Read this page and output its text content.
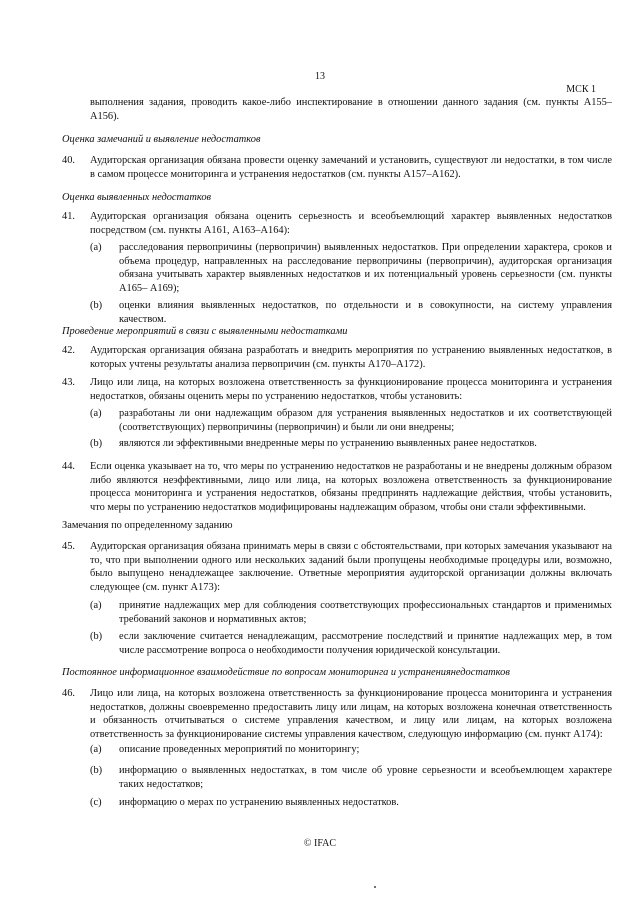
13
МСК 1
выполнения задания, проводить какое-либо инспектирование в отношении данного задания (см. пункты А155–А156).
Оценка замечаний и выявление недостатков
40. Аудиторская организация обязана провести оценку замечаний и установить, существуют ли недостатки, в том числе в самом процессе мониторинга и устранения недостатков (см. пункты А157–А162).
Оценка выявленных недостатков
41. Аудиторская организация обязана оценить серьезность и всеобъемлющий характер выявленных недостатков посредством (см. пункты А161, А163–А164):
(a) расследования первопричины (первопричин) выявленных недостатков. При определении характера, сроков и объема процедур, направленных на расследование первопричины (первопричин), аудиторская организация обязана учитывать характер выявленных недостатков и их потенциальный уровень серьезности (см. пункты А165– А169);
(b) оценки влияния выявленных недостатков, по отдельности и в совокупности, на систему управления качеством.
Проведение мероприятий в связи с выявленными недостатками
42. Аудиторская организация обязана разработать и внедрить мероприятия по устранению выявленных недостатков, в которых учтены результаты анализа первопричин (см. пункты А170–А172).
43. Лицо или лица, на которых возложена ответственность за функционирование процесса мониторинга и устранения недостатков, обязаны оценить меры по устранению недостатков, чтобы установить:
(a) разработаны ли они надлежащим образом для устранения выявленных недостатков и их соответствующей (соответствующих) первопричины (первопричин) и были ли они внедрены;
(b) являются ли эффективными внедренные меры по устранению выявленных ранее недостатков.
44. Если оценка указывает на то, что меры по устранению недостатков не разработаны и не внедрены должным образом либо являются неэффективными, лицо или лица, на которых возложена ответственность за функционирование процесса мониторинга и устранения недостатков, обязаны предпринять надлежащие действия, чтобы установить, что меры по устранению недостатков модифицированы надлежащим образом, чтобы они стали эффективными.
Замечания по определенному заданию
45. Аудиторская организация обязана принимать меры в связи с обстоятельствами, при которых замечания указывают на то, что при выполнении одного или нескольких заданий были пропущены необходимые процедуры или, возможно, было выпущено ненадлежащее заключение. Ответные мероприятия аудиторской организации должны включать следующее (см. пункт А173):
(a) принятие надлежащих мер для соблюдения соответствующих профессиональных стандартов и применимых требований законов и нормативных актов;
(b) если заключение считается ненадлежащим, рассмотрение последствий и принятие надлежащих мер, в том числе рассмотрение вопроса о необходимости получения юридической консультации.
Постоянное информационное взаимодействие по вопросам мониторинга и устранениянедостатков
46. Лицо или лица, на которых возложена ответственность за функционирование процесса мониторинга и устранения недостатков, должны своевременно предоставить лицу или лицам, на которых возложена конечная ответственность и обязанность отчитываться о системе управления качеством, и лицу или лицам, на которых возложена ответственность за функционирование системы управления качеством, следующую информацию (см. пункт А174):
(a) описание проведенных мероприятий по мониторингу;
(b) информацию о выявленных недостатках, в том числе об уровне серьезности и всеобъемлющем характере таких недостатков;
(c) информацию о мерах по устранению выявленных недостатков.
© IFAC
